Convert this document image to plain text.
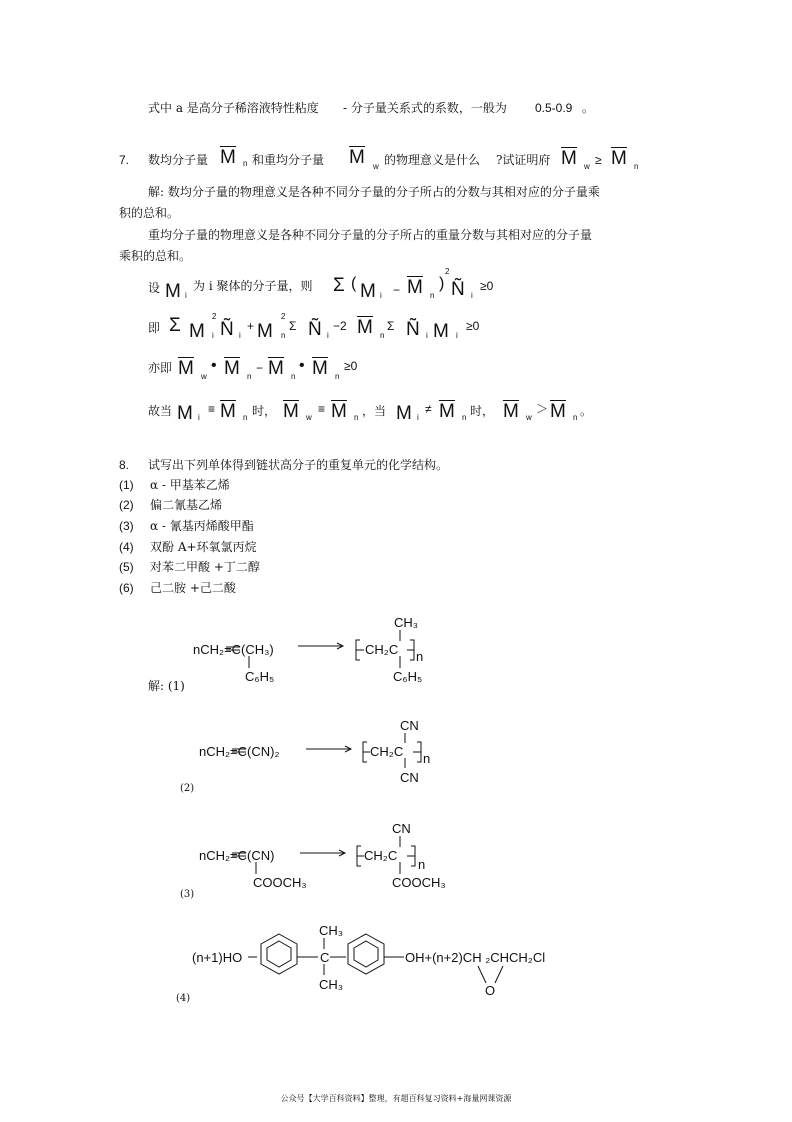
式中 a 是高分子稀溶液特性粘度 - 分子量关系式的系数，一般为 0.5-0.9 。
7. 数均分子量 M n 和重均分子量 M w 的物理意义是什么 ?试证明府 M w ≥ M n
解: 数均分子量的物理意义是各种不同分子量的分子所占的分数与其相对应的分子量乘
积的总和。
重均分子量的物理意义是各种不同分子量的分子所占的重量分数与其相对应的分子量
乘积的总和。
设 M i
为 i 聚体的分子量，则 Σ ( M i − M n
)
2
Ñ i
≥0
即 Σ M
2
i Ñ i
+ M
2
n
Σ Ñ i
−2 M n
Σ Ñ i M i
≥0
亦即 M w
• M n
− M n
• M n
≥0
故当 M i
≡ M n 时， M w
≡ M n ，当 M i
≠ M n 时， M w
＞ M n 。
8. 试写出下列单体得到链状高分子的重复单元的化学结构。
(1) α - 甲基苯乙烯
(2) 偏二氰基乙烯
(3) α - 氰基丙烯酸甲酯
(4) 双酚 A+环氧氯丙烷
(5) 对苯二甲酸 +丁二醇
(6) 己二胺 +己二酸
nCH₂=C(CH₃)
C₆H₅
CH₃
CH₂C
C₆H₅
n
解: (1)
nCH₂=C(CN)₂
CN
CH₂C
CN
n
(2)
nCH₂=C(CN)
COOCH₃
CN
CH₂C
COOCH₃
n
(3)
(n+1)HO
CH₃
C
CH₃
OH+(n+2)CH ₂CHCH₂Cl
O
(4)
公众号【大学百科资料】整理，有超百科复习资料+海量网课资源
